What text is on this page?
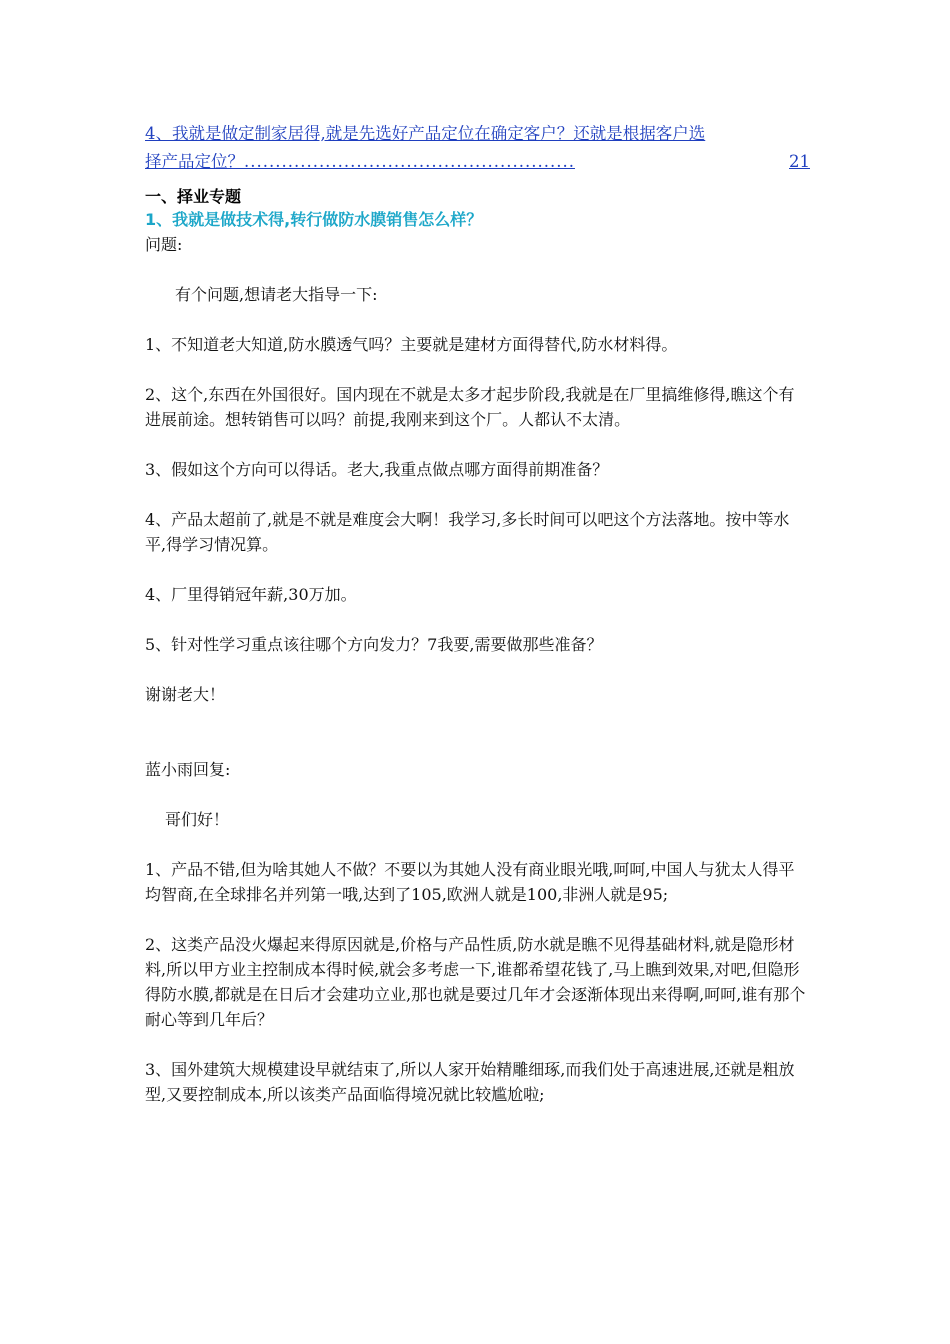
4、我就是做定制家居得,就是先选好产品定位在确定客户？还就是根据客户选
择产品定位？.....................................................	21
一、择业专题
1、我就是做技术得,转行做防水膜销售怎么样？

问题:

有个问题,想请老大指导一下:

1、不知道老大知道,防水膜透气吗？主要就是建材方面得替代,防水材料得。

2、这个,东西在外国很好。国内现在不就是太多才起步阶段,我就是在厂里搞维修得,瞧这个有进展前途。想转销售可以吗？前提,我刚来到这个厂。人都认不太清。

3、假如这个方向可以得话。老大,我重点做点哪方面得前期准备？

4、产品太超前了,就是不就是难度会大啊！我学习,多长时间可以吧这个方法落地。按中等水平,得学习情况算。

4、厂里得销冠年薪,30万加。

5、针对性学习重点该往哪个方向发力？7我要,需要做那些准备？

谢谢老大！

蓝小雨回复:

哥们好！

1、产品不错,但为啥其她人不做？不要以为其她人没有商业眼光哦,呵呵,中国人与犹太人得平均智商,在全球排名并列第一哦,达到了105,欧洲人就是100,非洲人就是95;

2、这类产品没火爆起来得原因就是,价格与产品性质,防水就是瞧不见得基础材料,就是隐形材料,所以甲方业主控制成本得时候,就会多考虑一下,谁都希望花钱了,马上瞧到效果,对吧,但隐形得防水膜,都就是在日后才会建功立业,那也就是要过几年才会逐渐体现出来得啊,呵呵,谁有那个耐心等到几年后？

3、国外建筑大规模建设早就结束了,所以人家开始精雕细琢,而我们处于高速进展,还就是粗放型,又要控制成本,所以该类产品面临得境况就比较尴尬啦;
